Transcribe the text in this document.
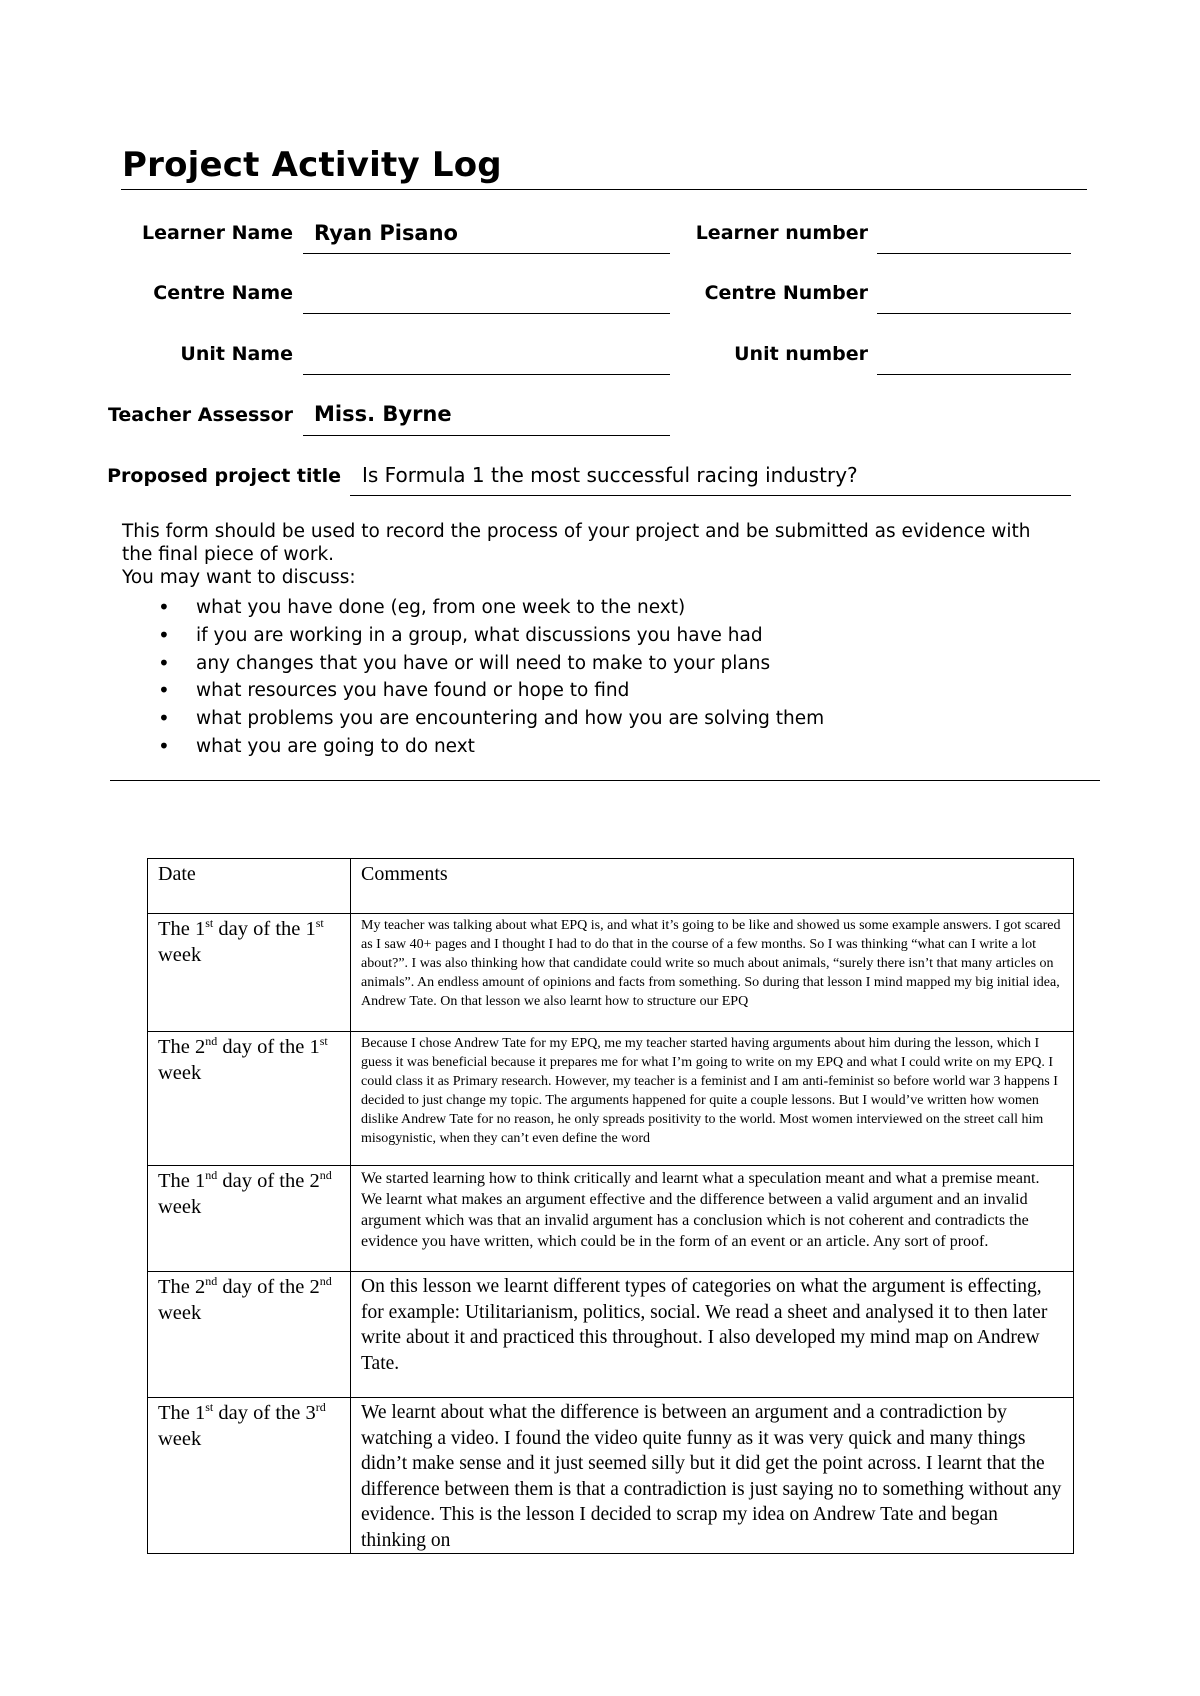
Project Activity Log
Learner Name Ryan Pisano	Learner number
Centre Name	Centre Number
Unit Name	Unit number
Teacher Assessor Miss. Byrne
Proposed project title Is Formula 1 the most successful racing industry?

This form should be used to record the process of your project and be submitted as evidence with the final piece of work.

You may want to discuss:

• what you have done (eg, from one week to the next)
• if you are working in a group, what discussions you have had
• any changes that you have or will need to make to your plans
• what resources you have found or hope to find
• what problems you are encountering and how you are solving them
• what you are going to do next
Date	Comments
The 1st day of the 1st week	My teacher was talking about what EPQ is, and what it’s going to be like and showed us some example answers. I got scared as I saw 40+ pages and I thought I had to do that in the course of a few months. So I was thinking “what can I write a lot about?”. I was also thinking how that candidate could write so much about animals, “surely there isn’t that many articles on animals”. An endless amount of opinions and facts from something. So during that lesson I mind mapped my big initial idea, Andrew Tate. On that lesson we also learnt how to structure our EPQ
The 2nd day of the 1st week	Because I chose Andrew Tate for my EPQ, me my teacher started having arguments about him during the lesson, which I guess it was beneficial because it prepares me for what I’m going to write on my EPQ and what I could write on my EPQ. I could class it as Primary research. However, my teacher is a feminist and I am anti-feminist so before world war 3 happens I decided to just change my topic. The arguments happened for quite a couple lessons. But I would’ve written how women dislike Andrew Tate for no reason, he only spreads positivity to the world. Most women interviewed on the street call him misogynistic, when they can’t even define the word
The 1nd day of the 2nd week	We started learning how to think critically and learnt what a speculation meant and what a premise meant. We learnt what makes an argument effective and the difference between a valid argument and an invalid argument which was that an invalid argument has a conclusion which is not coherent and contradicts the evidence you have written, which could be in the form of an event or an article. Any sort of proof.
The 2nd day of the 2nd week	On this lesson we learnt different types of categories on what the argument is effecting, for example: Utilitarianism, politics, social. We read a sheet and analysed it to then later write about it and practiced this throughout. I also developed my mind map on Andrew Tate.
The 1st day of the 3rd week	We learnt about what the difference is between an argument and a contradiction by watching a video. I found the video quite funny as it was very quick and many things didn’t make sense and it just seemed silly but it did get the point across. I learnt that the difference between them is that a contradiction is just saying no to something without any evidence. This is the lesson I decided to scrap my idea on Andrew Tate and began thinking on
